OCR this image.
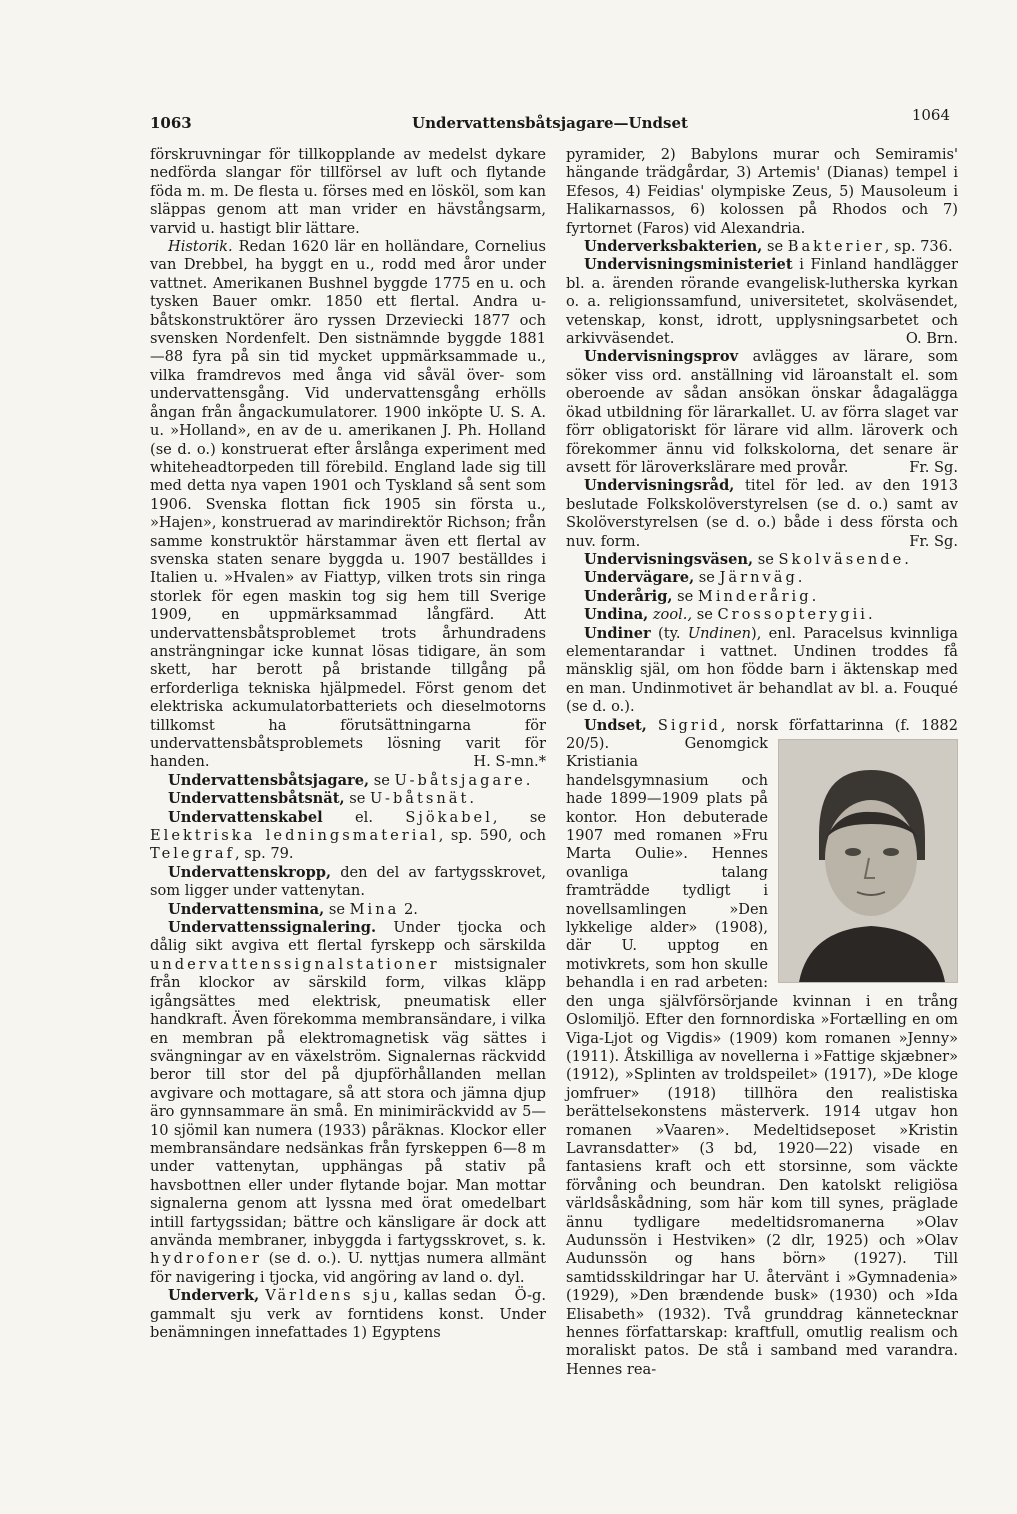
1063	Undervattensbåtsjagare—Undset	1064

förskruvningar för tillkopplande av medelst dykare nedförda slangar för tillförsel av luft och flytande föda m. m. De flesta u. förses med en lösköl, som kan släppas genom att man vrider en hävstångsarm, varvid u. hastigt blir lättare.

Historik. Redan 1620 lär en holländare, Cornelius van Drebbel, ha byggt en u., rodd med åror under vattnet. Amerikanen Bushnel byggde 1775 en u. och tysken Bauer omkr. 1850 ett flertal. Andra u-båtskonstruktörer äro ryssen Drzeviecki 1877 och svensken Nordenfelt. Den sistnämnde byggde 1881—88 fyra på sin tid mycket uppmärksammade u., vilka framdrevos med ånga vid såväl över- som undervattensgång. Vid undervattensgång erhölls ångan från ångackumulatorer. 1900 inköpte U. S. A. u. »Holland», en av de u. amerikanen J. Ph. Holland (se d. o.) konstruerat efter årslånga experiment med whiteheadtorpeden till förebild. England lade sig till med detta nya vapen 1901 och Tyskland så sent som 1906. Svenska flottan fick 1905 sin första u., »Hajen», konstruerad av marindirektör Richson; från samme konstruktör härstammar även ett flertal av svenska staten senare byggda u. 1907 beställdes i Italien u. »Hvalen» av Fiattyp, vilken trots sin ringa storlek för egen maskin tog sig hem till Sverige 1909, en uppmärksammad långfärd. Att undervattensbåtsproblemet trots århundradens ansträngningar icke kunnat lösas tidigare, än som skett, har berott på bristande tillgång på erforderliga tekniska hjälpmedel. Först genom det elektriska ackumulatorbatteriets och dieselmotorns tillkomst ha förutsättningarna för undervattensbåtsproblemets lösning varit för handen.	H. S-mn.*

Undervattensbåtsjagare, se U-båtsjagare.

Undervattensbåtsnät, se U-båtsnät.

Undervattenskabel el. Sjökabel, se Elektriska ledningsmaterial, sp. 590, och Telegraf, sp. 79.

Undervattenskropp, den del av fartygsskrovet, som ligger under vattenytan.

Undervattensmina, se Mina 2.

Undervattenssignalering. Under tjocka och dålig sikt avgiva ett flertal fyrskepp och särskilda undervattenssignalstationer mistsignaler från klockor av särskild form, vilkas kläpp igångsättes med elektrisk, pneumatisk eller handkraft. Även förekomma membransändare, i vilka en membran på elektromagnetisk väg sättes i svängningar av en växelström. Signalernas räckvidd beror till stor del på djupförhållanden mellan avgivare och mottagare, så att stora och jämna djup äro gynnsammare än små. En minimiräckvidd av 5—10 sjömil kan numera (1933) påräknas. Klockor eller membransändare nedsänkas från fyrskeppen 6—8 m under vattenytan, upphängas på stativ på havsbottnen eller under flytande bojar. Man mottar signalerna genom att lyssna med örat omedelbart intill fartygssidan; bättre och känsligare är dock att använda membraner, inbyggda i fartygsskrovet, s. k. hydrofoner (se d. o.). U. nyttjas numera allmänt för navigering i tjocka, vid angöring av land o. dyl.
Ö-g.

Underverk, Världens sju, kallas sedan gammalt sju verk av forntidens konst. Under benämningen innefattades 1) Egyptens

pyramider, 2) Babylons murar och Semiramis' hängande trädgårdar, 3) Artemis' (Dianas) tempel i Efesos, 4) Feidias' olympiske Zeus, 5) Mausoleum i Halikarnassos, 6) kolossen på Rhodos och 7) fyrtornet (Faros) vid Alexandria.

Underverksbakterien, se Bakterier, sp. 736.

Undervisningsministeriet i Finland handlägger bl. a. ärenden rörande evangelisk-lutherska kyrkan o. a. religionssamfund, universitetet, skolväsendet, vetenskap, konst, idrott, upplysningsarbetet och arkivväsendet.	O. Brn.

Undervisningsprov avlägges av lärare, som söker viss ord. anställning vid läroanstalt el. som oberoende av sådan ansökan önskar ådagalägga ökad utbildning för lärarkallet. U. av förra slaget var förr obligatoriskt för lärare vid allm. läroverk och förekommer ännu vid folkskolorna, det senare är avsett för läroverkslärare med provår.	Fr. Sg.

Undervisningsråd, titel för led. av den 1913 beslutade Folkskolöverstyrelsen (se d. o.) samt av Skolöverstyrelsen (se d. o.) både i dess första och nuv. form.	Fr. Sg.

Undervisningsväsen, se Skolväsende.

Undervägare, se Järnväg.

Underårig, se Minderårig.

Undina, zool., se Crossopterygii.

Undiner (ty. Undinen), enl. Paracelsus kvinnliga elementarandar i vattnet. Undinen troddes få mänsklig själ, om hon födde barn i äktenskap med en man. Undinmotivet är behandlat av bl. a. Fouqué (se d. o.).

Undset, Sigrid, norsk författarinna (f. 1882 20/5
). Genomgick Kristiania handelsgymnasium och hade 1899—1909 plats på kontor. Hon debuterade 1907 med romanen »Fru Marta Oulie». Hennes ovanliga talang framträdde tydligt i novellsamlingen »Den lykkelige alder» (1908), där U. upptog en motivkrets, som hon skulle behandla i en rad arbeten: den unga självförsörjande kvinnan i en trång Oslomiljö. Efter den fornnordiska »Fortælling en om Viga-Ljot og Vigdis» (1909) kom romanen »Jenny» (1911). Åtskilliga av novellerna i »Fattige skjæbner» (1912), »Splinten av troldspeilet» (1917), »De kloge jomfruer» (1918) tillhöra den realistiska berättelsekonstens mästerverk. 1914 utgav hon romanen »Vaaren». Medeltidseposet »Kristin Lavransdatter» (3 bd, 1920—22) visade en fantasiens kraft och ett storsinne, som väckte förvåning och beundran. Den katolskt religiösa världsåskådning, som här kom till synes, präglade ännu tydligare medeltidsromanerna »Olav Audunssön i Hestviken» (2 dlr, 1925) och »Olav Audunssön og hans börn» (1927). Till samtidsskildringar har U. återvänt i »Gymnadenia» (1929), »Den brændende busk» (1930) och »Ida Elisabeth» (1932). Två grunddrag kännetecknar hennes författarskap: kraftfull, omutlig realism och moraliskt patos. De stå i samband med varandra. Hennes rea-
